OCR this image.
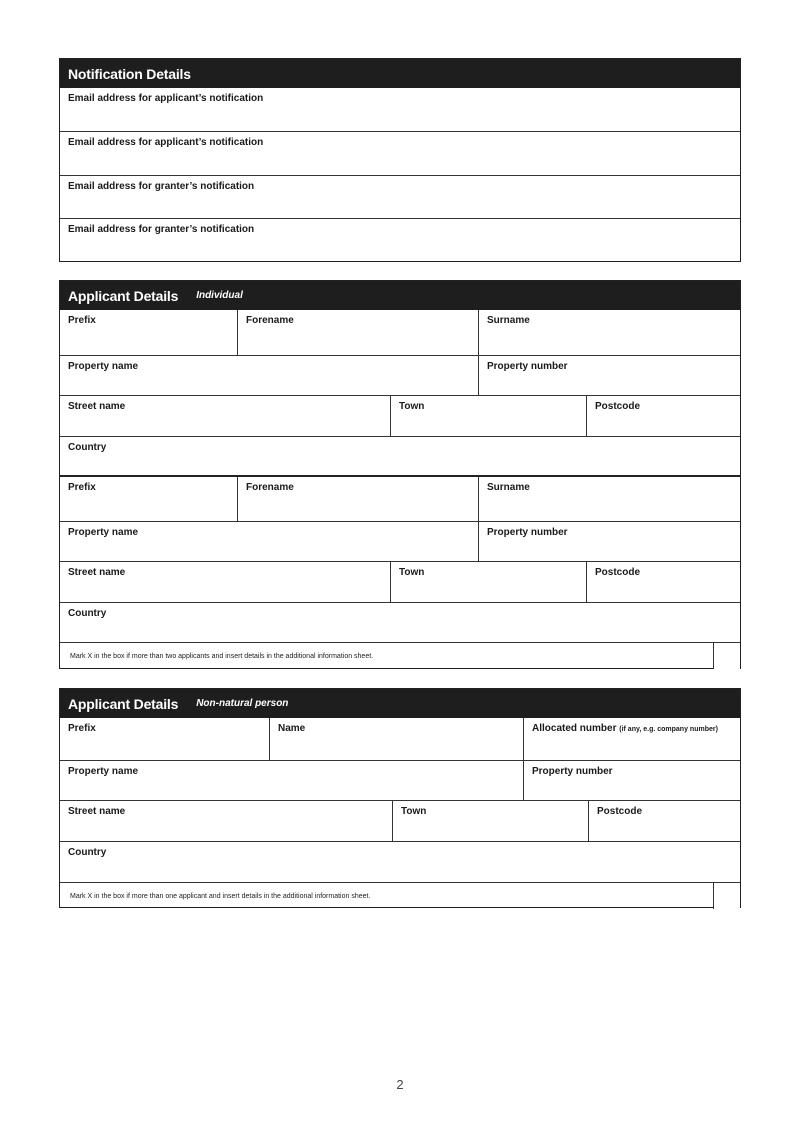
Notification Details
Email address for applicant’s notification
Email address for applicant’s notification
Email address for granter’s notification
Email address for granter’s notification
Applicant Details Individual
Prefix	Forename	Surname
Property name	Property number
Street name	Town	Postcode
Country
Prefix	Forename	Surname
Property name	Property number
Street name	Town	Postcode
Country
Mark X in the box if more than two applicants and insert details in the additional information sheet.
Applicant Details Non-natural person
Prefix	Name	Allocated number (if any, e.g. company number)
Property name	Property number
Street name	Town	Postcode
Country
Mark X in the box if more than one applicant and insert details in the additional information sheet.
2
